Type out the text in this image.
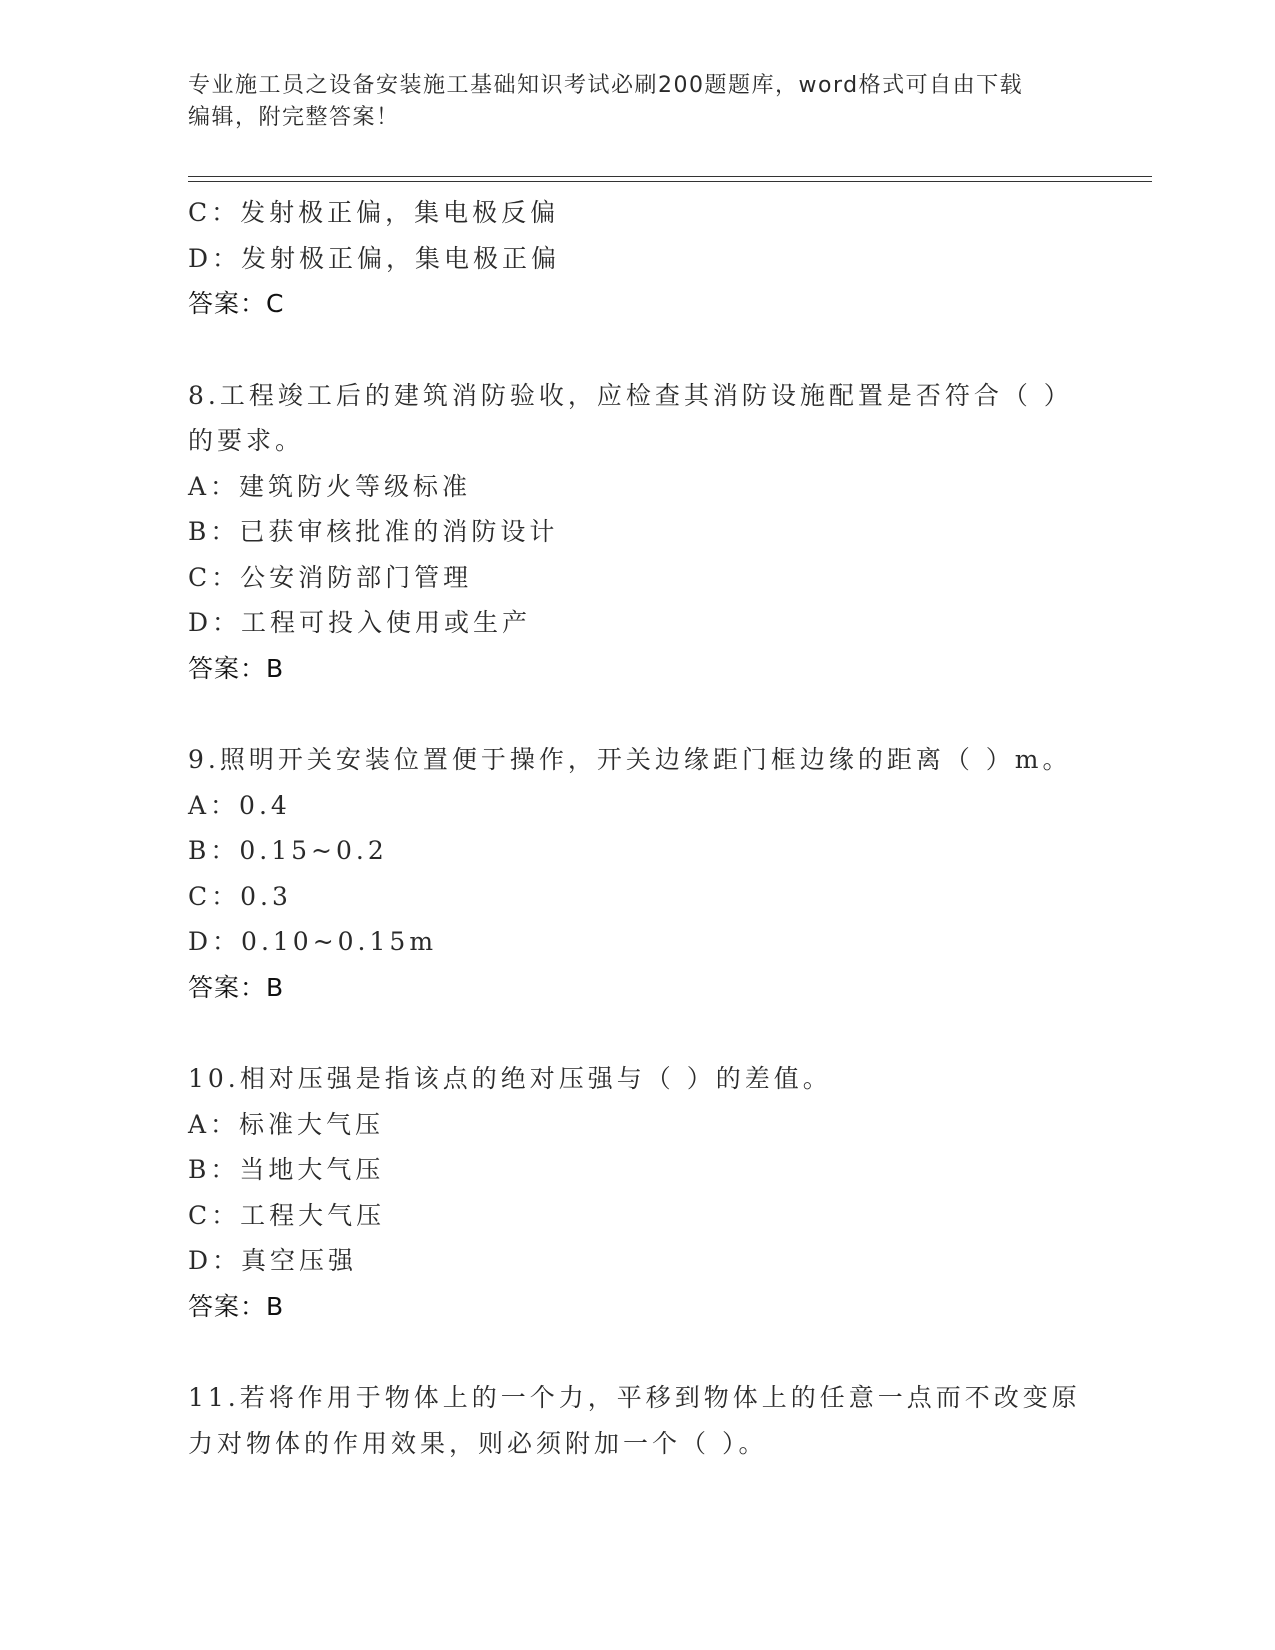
专业施工员之设备安装施工基础知识考试必刷200题题库，word格式可自由下载
编辑，附完整答案！
C：发射极正偏，集电极反偏
D：发射极正偏，集电极正偏
答案：C
8.工程竣工后的建筑消防验收，应检查其消防设施配置是否符合（ ）
的要求。
A：建筑防火等级标准
B：已获审核批准的消防设计
C：公安消防部门管理
D：工程可投入使用或生产
答案：B
9.照明开关安装位置便于操作，开关边缘距门框边缘的距离（ ）m。
A：0.4
B：0.15~0.2
C：0.3
D：0.10~0.15m
答案：B
10.相对压强是指该点的绝对压强与（ ）的差值。
A：标准大气压
B：当地大气压
C：工程大气压
D：真空压强
答案：B
11.若将作用于物体上的一个力，平移到物体上的任意一点而不改变原
力对物体的作用效果，则必须附加一个（ ）。
